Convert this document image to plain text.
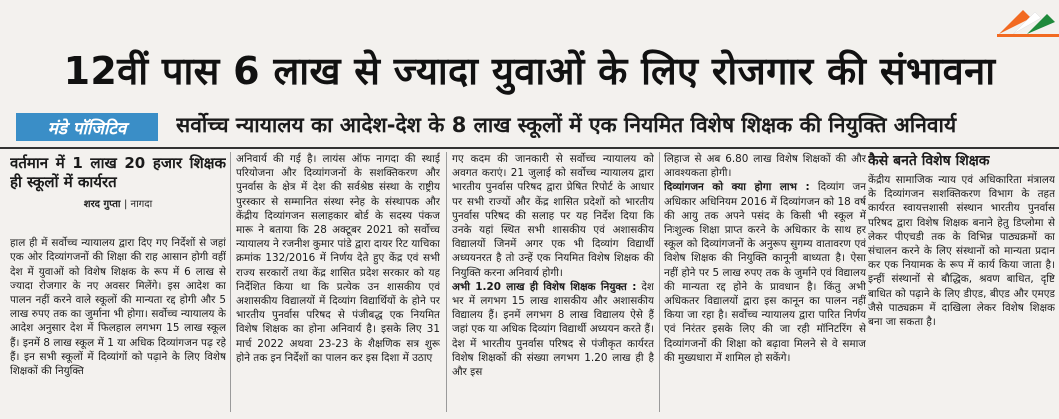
12वीं पास 6 लाख से ज्यादा युवाओं के लिए रोजगार की संभावना
मंडे पॉजिटिव	सर्वोच्च न्यायालय का आदेश-देश के 8 लाख स्कूलों में एक नियमित विशेष शिक्षक की नियुक्ति अनिवार्य
वर्तमान में 1 लाख 20 हजार शिक्षक ही स्कूलों में कार्यरत
शरद गुप्ता | नागदा

हाल ही में सर्वोच्च न्यायालय द्वारा दिए गए निर्देशों से जहां एक ओर दिव्यांगजनों की शिक्षा की राह आसान होगी वहीं देश में युवाओं को विशेष शिक्षक के रूप में 6 लाख से ज्यादा रोजगार के नए अवसर मिलेंगे। इस आदेश का पालन नहीं करने वाले स्कूलों की मान्यता रद्द होगी और 5 लाख रुपए तक का जुर्माना भी होगा। सर्वोच्च न्यायालय के आदेश अनुसार देश में फिलहाल लगभग 15 लाख स्कूल हैं। इनमें 8 लाख स्कूल में 1 या अधिक दिव्यांगजन पढ़ रहे हैं। इन सभी स्कूलों में दिव्यांगों को पढ़ाने के लिए विशेष शिक्षकों की नियुक्ति

अनिवार्य की गई है। लायंस ऑफ नागदा की स्थाई परियोजना और दिव्यांगजनों के सशक्तिकरण और पुनर्वास के क्षेत्र में देश की सर्वश्रेष्ठ संस्था के राष्ट्रीय पुरस्कार से सम्मानित संस्था स्नेह के संस्थापक और केंद्रीय दिव्यांगजन सलाहकार बोर्ड के सदस्य पंकज मारू ने बताया कि 28 अक्टूबर 2021 को सर्वोच्च न्यायालय ने रजनीश कुमार पांडे द्वारा दायर रिट याचिका क्रमांक 132/2016 में निर्णय देते हुए केंद्र एवं सभी राज्य सरकारों तथा केंद्र शासित प्रदेश सरकार को यह निर्देशित किया था कि प्रत्येक उन शासकीय एवं अशासकीय विद्यालयों में दिव्यांग विद्यार्थियों के होने पर भारतीय पुनर्वास परिषद से पंजीबद्ध एक नियमित विशेष शिक्षक का होना अनिवार्य है। इसके लिए 31 मार्च 2022 अथवा 23-23 के शैक्षणिक सत्र शुरू होने तक इन निर्देशों का पालन कर इस दिशा में उठाए

गए कदम की जानकारी से सर्वोच्च न्यायालय को अवगत कराएं। 21 जुलाई को सर्वोच्च न्यायालय द्वारा भारतीय पुनर्वास परिषद द्वारा प्रेषित रिपोर्ट के आधार पर सभी राज्यों और केंद्र शासित प्रदेशों को भारतीय पुनर्वास परिषद की सलाह पर यह निर्देश दिया कि उनके यहां स्थित सभी शासकीय एवं अशासकीय विद्यालयों जिनमें अगर एक भी दिव्यांग विद्यार्थी अध्ययनरत है तो उन्हें एक नियमित विशेष शिक्षक की नियुक्ति करना अनिवार्य होगी।

अभी 1.20 लाख ही विशेष शिक्षक नियुक्त : देश भर में लगभग 15 लाख शासकीय और अशासकीय विद्यालय हैं। इनमें लगभग 8 लाख विद्यालय ऐसे हैं जहां एक या अधिक दिव्यांग विद्यार्थी अध्ययन करते हैं। देश में भारतीय पुनर्वास परिषद से पंजीकृत कार्यरत विशेष शिक्षकों की संख्या लगभग 1.20 लाख ही है और इस

लिहाज से अब 6.80 लाख विशेष शिक्षकों की और आवश्यकता होगी।

दिव्यांगजन को क्या होगा लाभ : दिव्यांग जन अधिकार अधिनियम 2016 में दिव्यांगजन को 18 वर्ष की आयु तक अपने पसंद के किसी भी स्कूल में निःशुल्क शिक्षा प्राप्त करने के अधिकार के साथ हर स्कूल को दिव्यांगजनों के अनुरूप सुगम्य वातावरण एवं विशेष शिक्षक की नियुक्ति कानूनी बाध्यता है। ऐसा नहीं होने पर 5 लाख रुपए तक के जुर्माने एवं विद्यालय की मान्यता रद्द होने के प्रावधान है। किंतु अभी अधिकतर विद्यालयों द्वारा इस कानून का पालन नहीं किया जा रहा है। सर्वोच्च न्यायालय द्वारा पारित निर्णय एवं निरंतर इसके लिए की जा रही मॉनिटरिंग से दिव्यांगजनों की शिक्षा को बढ़ावा मिलने से वे समाज की मुख्यधारा में शामिल हो सकेंगे।

कैसे बनते विशेष शिक्षक

केंद्रीय सामाजिक न्याय एवं अधिकारिता मंत्रालय के दिव्यांगजन सशक्तिकरण विभाग के तहत कार्यरत स्वायत्तशासी संस्थान भारतीय पुनर्वास परिषद द्वारा विशेष शिक्षक बनाने हेतु डिप्लोमा से लेकर पीएचडी तक के विभिन्न पाठ्यक्रमों का संचालन करने के लिए संस्थानों को मान्यता प्रदान कर एक नियामक के रूप में कार्य किया जाता है। इन्हीं संस्थानों से बौद्धिक, श्रवण बाधित, दृष्टि बाधित को पढ़ाने के लिए डीएड, बीएड और एमएड जैसे पाठ्यक्रम में दाखिला लेकर विशेष शिक्षक बना जा सकता है।
